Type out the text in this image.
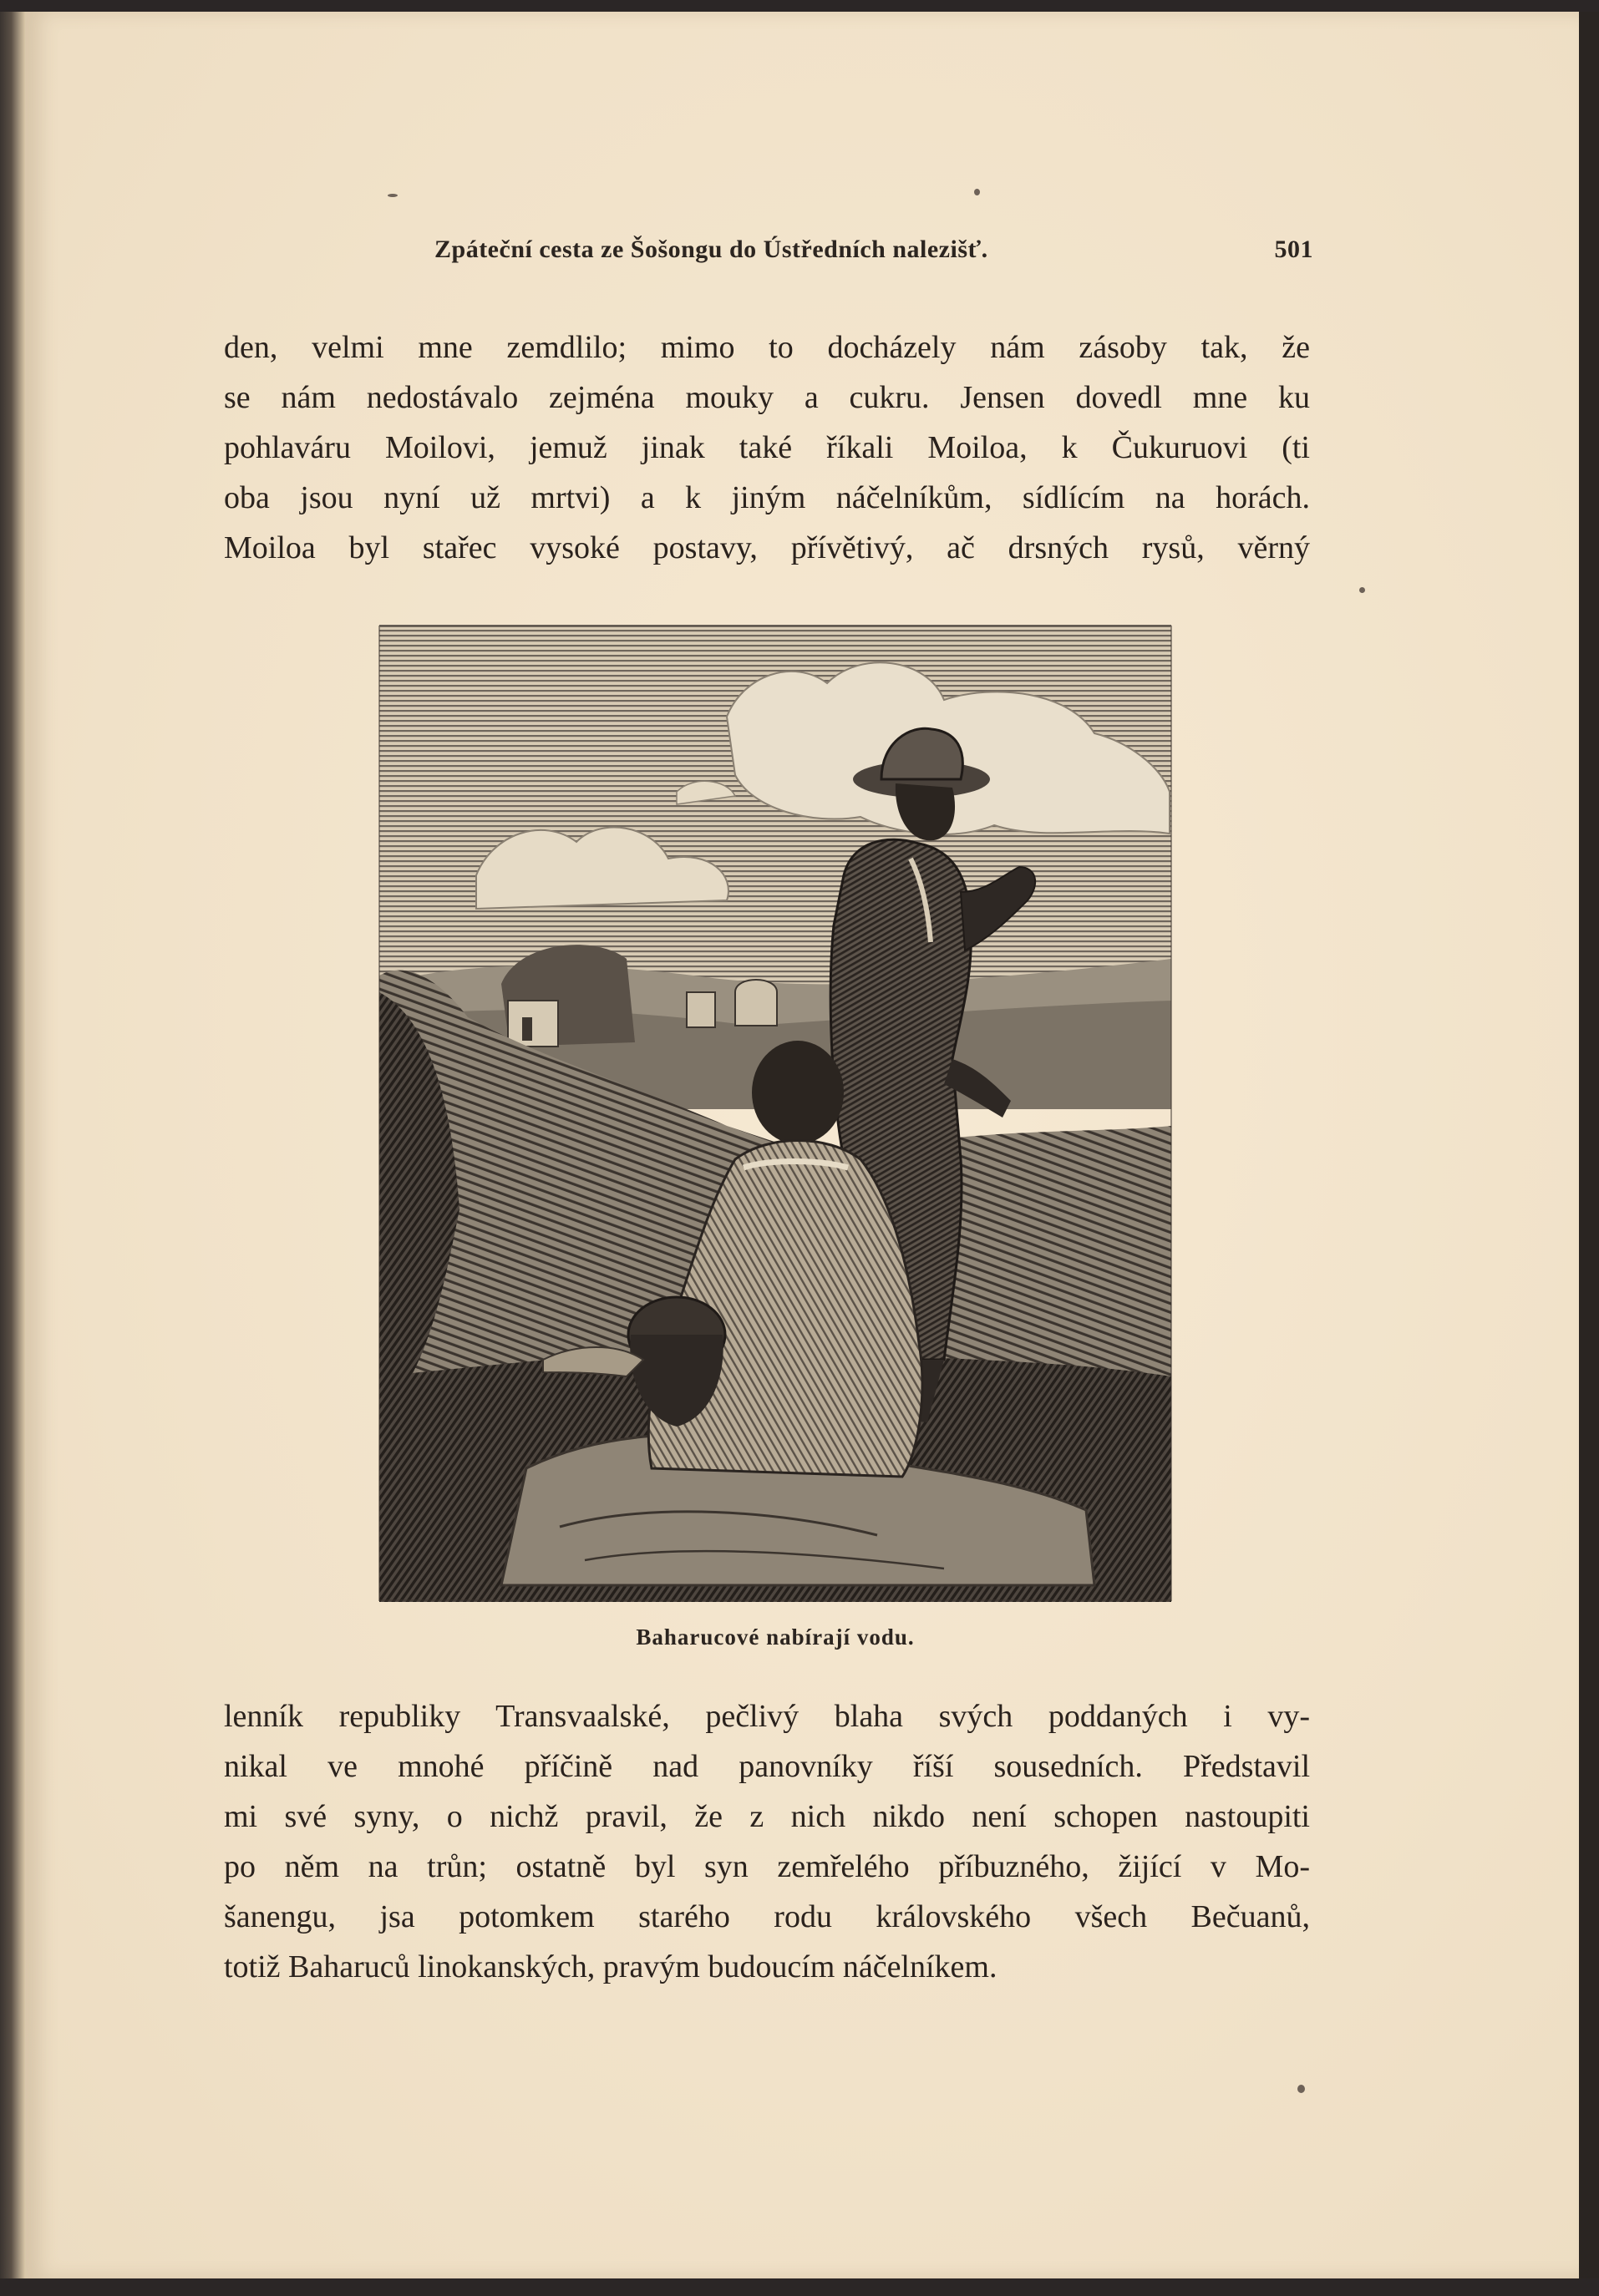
Zpáteční cesta ze Šošongu do Ústředních nalezišť.	501
den, velmi mne zemdlilo; mimo to docházely nám zásoby tak, že
se nám nedostávalo zejména mouky a cukru. Jensen dovedl mne ku
pohlaváru Moilovi, jemuž jinak také říkali Moiloa, k Čukuruovi (ti
oba jsou nyní už mrtvi) a k jiným náčelníkům, sídlícím na horách.
Moiloa byl stařec vysoké postavy, přívětivý, ač drsných rysů, věrný
Baharucové nabírají vodu.
lenník republiky Transvaalské, pečlivý blaha svých poddaných i vy-
nikal ve mnohé příčině nad panovníky říší sousedních. Představil
mi své syny, o nichž pravil, že z nich nikdo není schopen nastoupiti
po něm na trůn; ostatně byl syn zemřelého příbuzného, žijící v Mo-
šanengu, jsa potomkem starého rodu královského všech Bečuanů,
totiž Baharuců linokanských, pravým budoucím náčelníkem.
